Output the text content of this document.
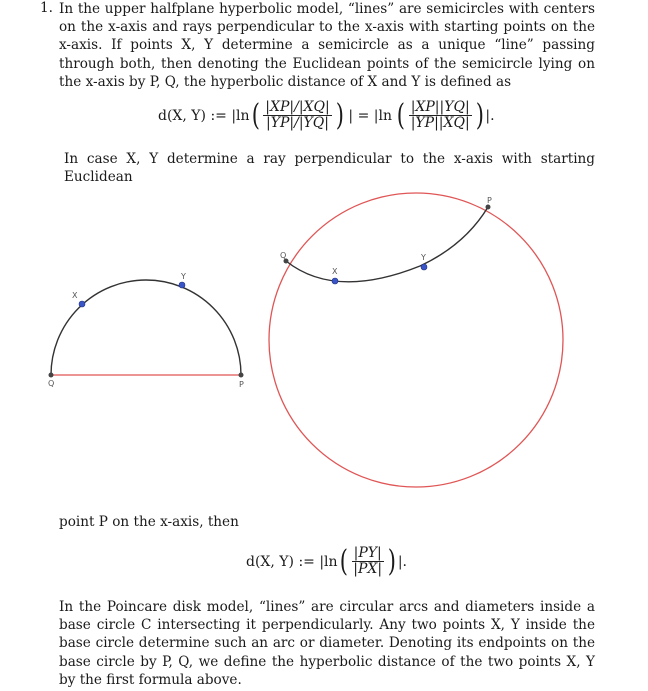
1. In the upper halfplane hyperbolic model, “lines” are semicircles with centers on the x-axis and rays perpendicular to the x-axis with starting points on the x-axis. If points X, Y determine a semicircle as a unique “line” passing through both, then denoting the Euclidean points of the semicircle lying on the x-axis by P, Q, the hyperbolic distance of X and Y is defined as

d(X, Y) := |ln ( $\frac{|XP|/|XQ|}{|YP|/|YQ|}$ ) | = |ln ( $\frac{|XP||YQ|}{|YP||XQ|}$ ) |.

In case X, Y determine a ray perpendicular to the x-axis with starting Euclidean

X
Y
Q	P
Q
X
Y
P

point P on the x-axis, then

d(X, Y) := |ln ( $\frac{|PY|}{|PX|}$ ) |.

In the Poincare disk model, “lines” are circular arcs and diameters inside a base circle C intersecting it perpendicularly. Any two points X, Y inside the base circle determine such an arc or diameter. Denoting its endpoints on the base circle by P, Q, we define the hyperbolic distance of the two points X, Y by the first formula above.
